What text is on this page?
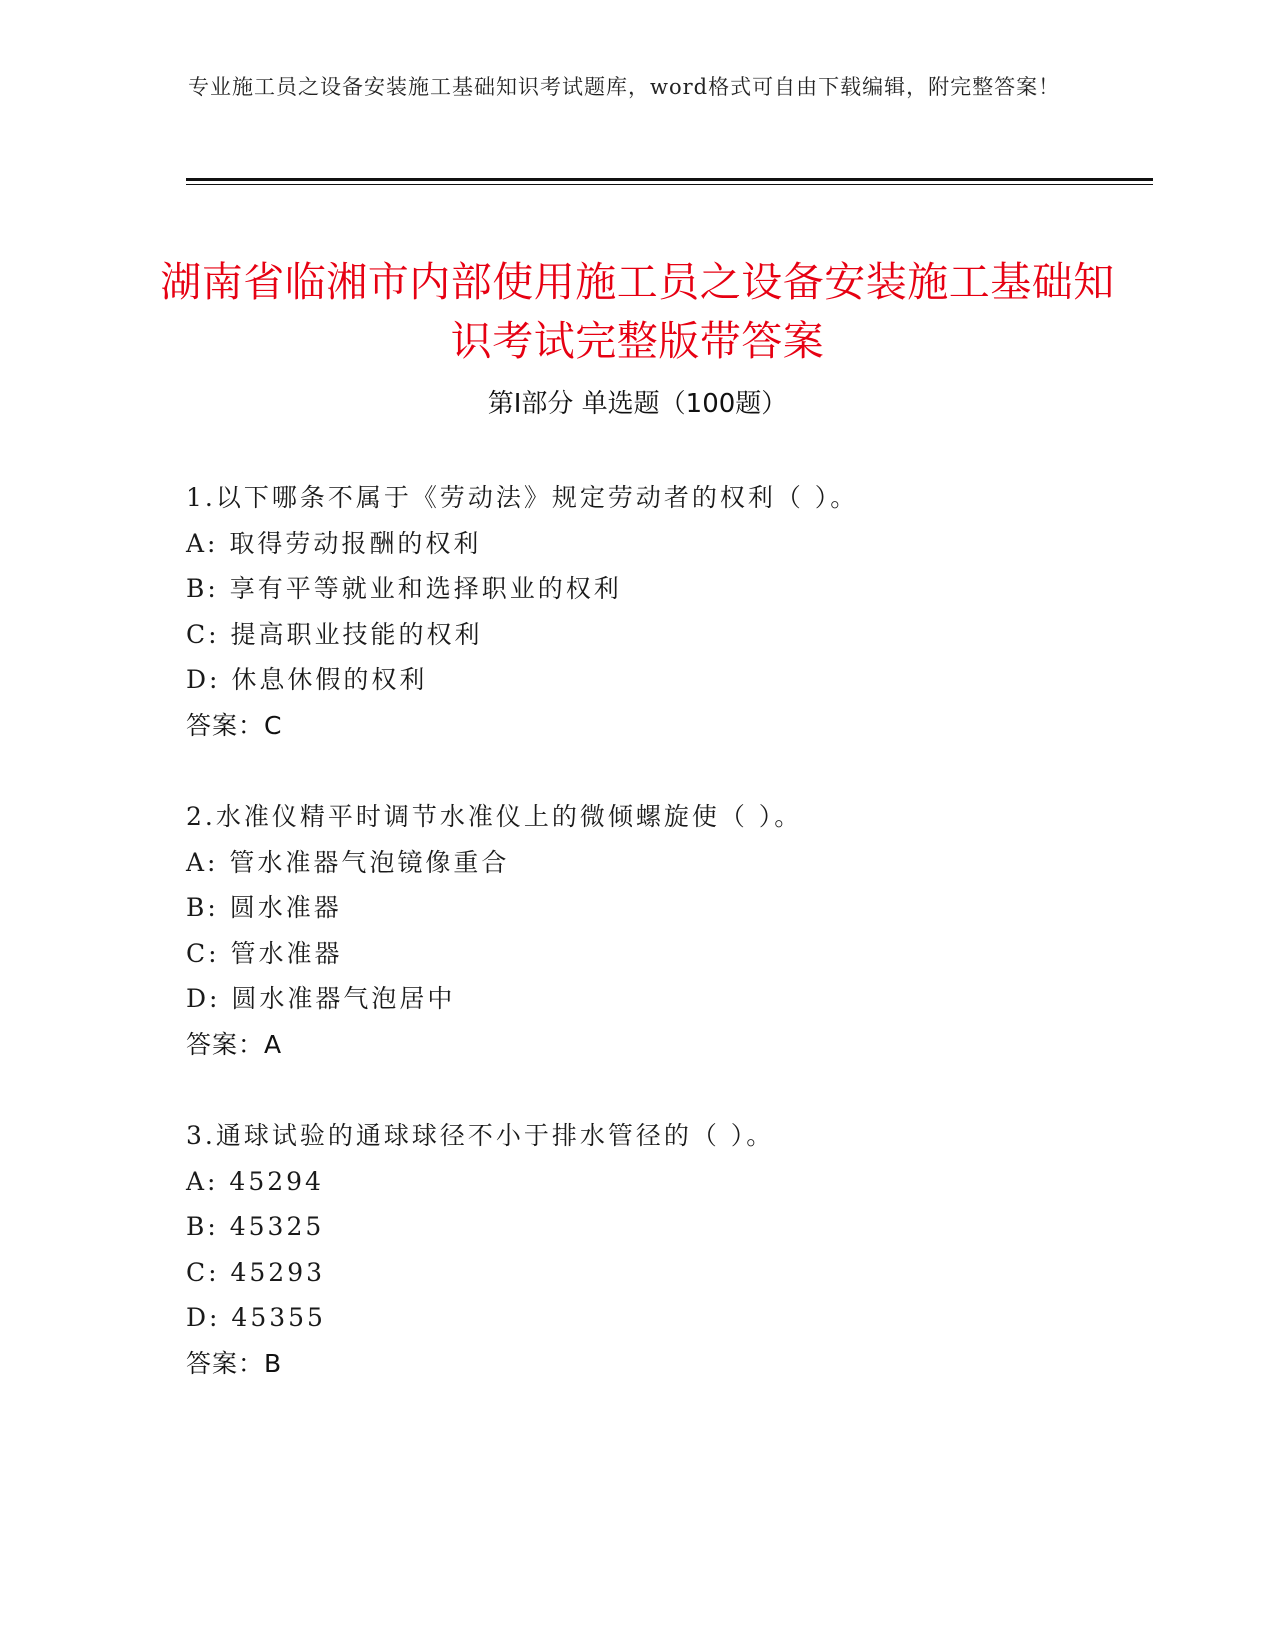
专业施工员之设备安装施工基础知识考试题库，word格式可自由下载编辑，附完整答案！
湖南省临湘市内部使用施工员之设备安装施工基础知识考试完整版带答案
第Ⅰ部分 单选题（100题）
1.以下哪条不属于《劳动法》规定劳动者的权利（ ）。
A: 取得劳动报酬的权利
B: 享有平等就业和选择职业的权利
C: 提高职业技能的权利
D: 休息休假的权利
答案：C
2.水准仪精平时调节水准仪上的微倾螺旋使（ ）。
A: 管水准器气泡镜像重合
B: 圆水准器
C: 管水准器
D: 圆水准器气泡居中
答案：A
3.通球试验的通球球径不小于排水管径的（ ）。
A: 45294
B: 45325
C: 45293
D: 45355
答案：B
